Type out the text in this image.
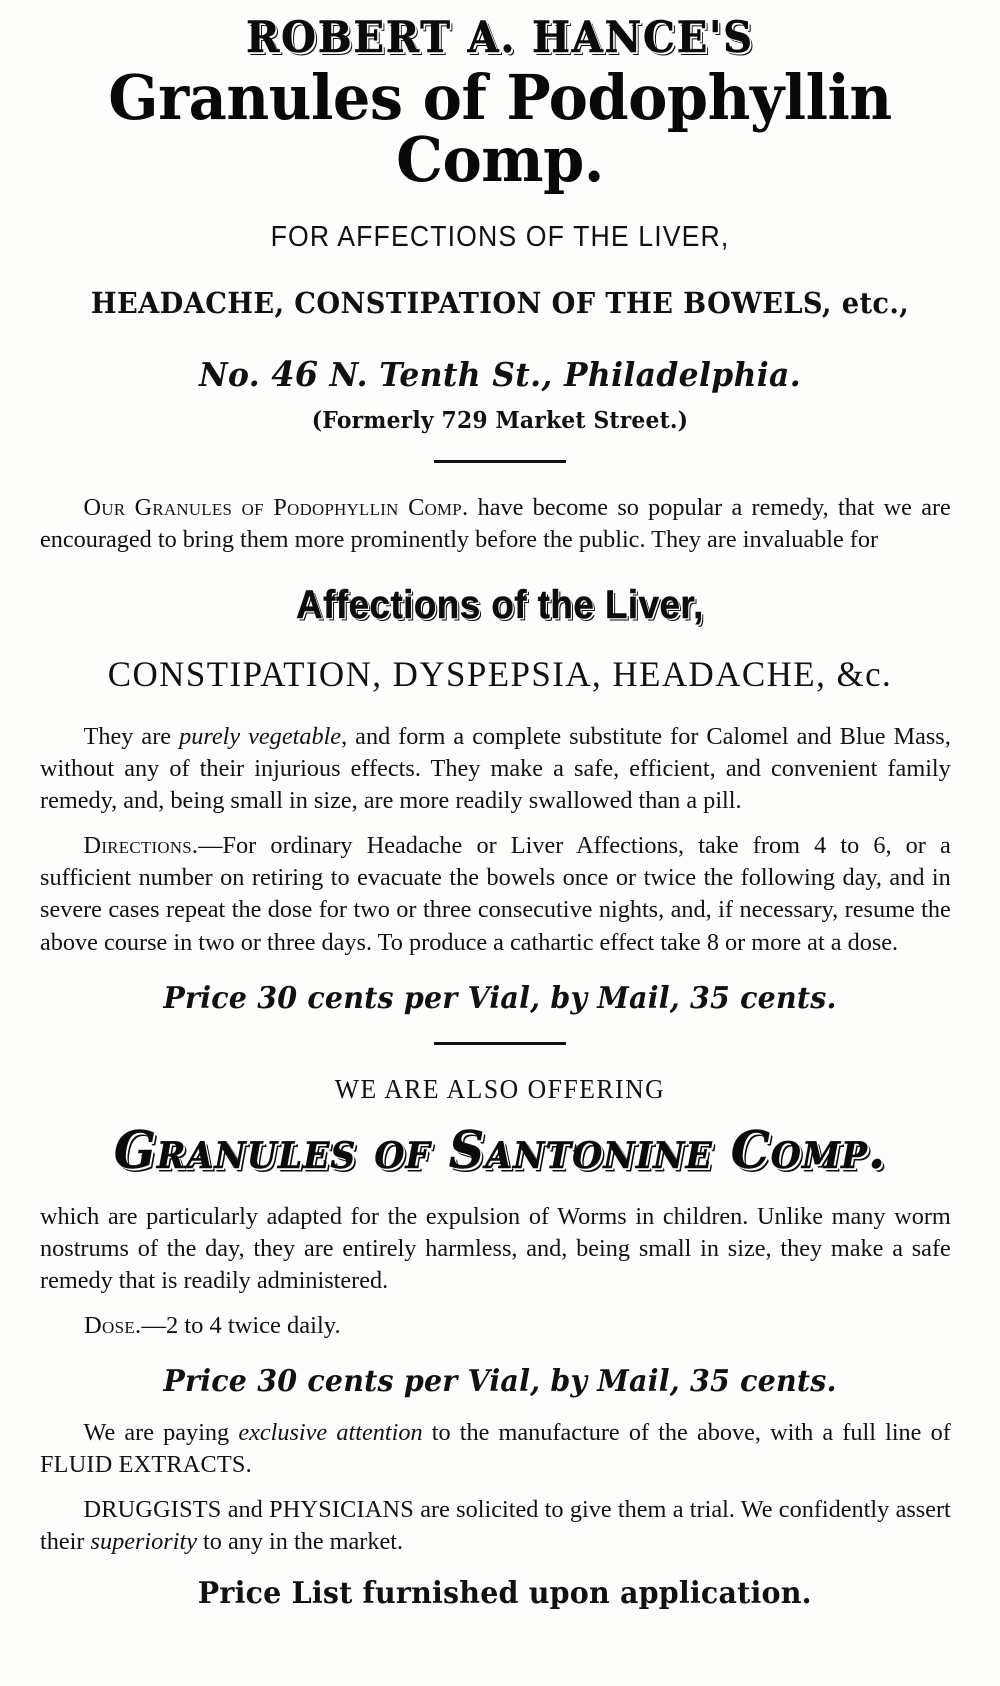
ROBERT A. HANCE'S
Granules of Podophyllin Comp.
FOR AFFECTIONS OF THE LIVER,
HEADACHE, CONSTIPATION OF THE BOWELS, etc.,
No. 46 N. Tenth St., Philadelphia.
(Formerly 729 Market Street.)

Our Granules of Podophyllin Comp. have become so popular a remedy, that we are encouraged to bring them more prominently before the public. They are invaluable for

Affections of the Liver,
CONSTIPATION, DYSPEPSIA, HEADACHE, &c.

They are purely vegetable, and form a complete substitute for Calomel and Blue Mass, without any of their injurious effects. They make a safe, efficient, and convenient family remedy, and, being small in size, are more readily swallowed than a pill.

Directions.—For ordinary Headache or Liver Affections, take from 4 to 6, or a sufficient number on retiring to evacuate the bowels once or twice the following day, and in severe cases repeat the dose for two or three consecutive nights, and, if necessary, resume the above course in two or three days. To produce a cathartic effect take 8 or more at a dose.

Price 30 cents per Vial, by Mail, 35 cents.
WE ARE ALSO OFFERING
Granules of Santonine Comp.

which are particularly adapted for the expulsion of Worms in children. Unlike many worm nostrums of the day, they are entirely harmless, and, being small in size, they make a safe remedy that is readily administered.

Dose.—2 to 4 twice daily.

Price 30 cents per Vial, by Mail, 35 cents.

We are paying exclusive attention to the manufacture of the above, with a full line of FLUID EXTRACTS.

DRUGGISTS and PHYSICIANS are solicited to give them a trial. We confidently assert their superiority to any in the market.

Price List furnished upon application.
